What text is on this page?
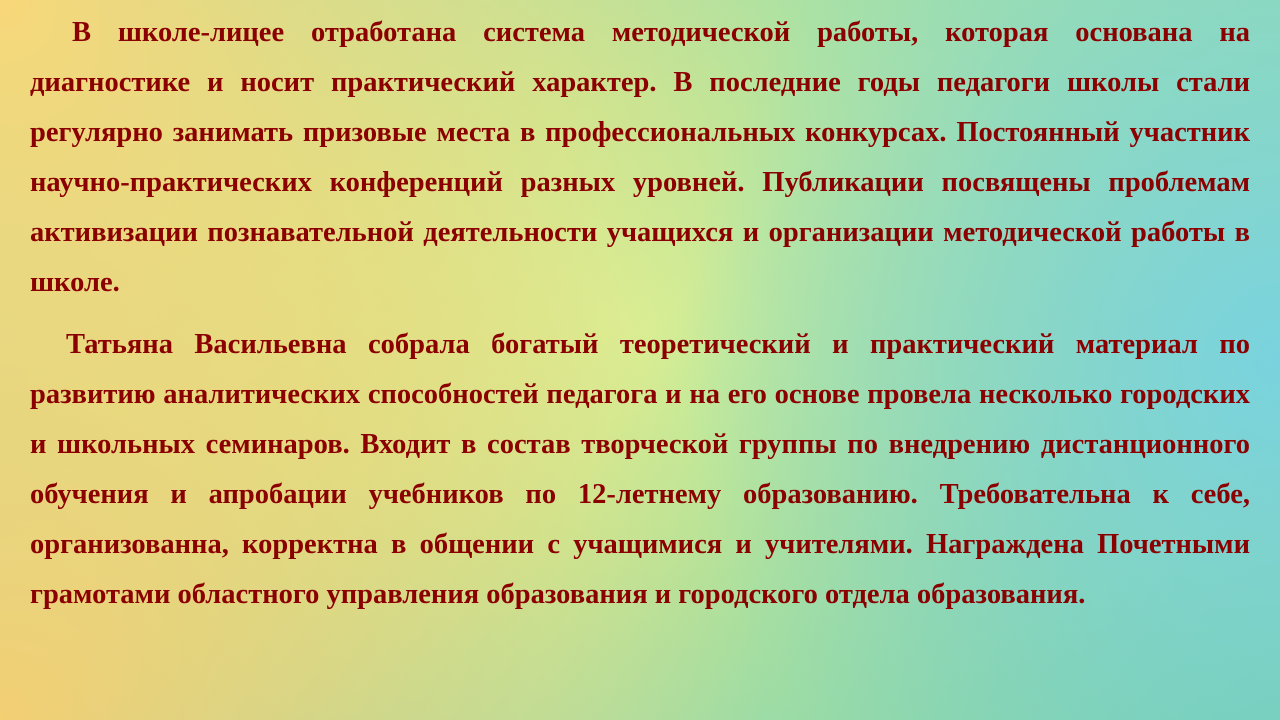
В школе-лицее отработана система методической работы, которая основана на диагностике и носит практический характер. В последние годы педагоги школы стали регулярно занимать призовые места в профессиональных конкурсах. Постоянный участник научно-практических конференций разных уровней. Публикации посвящены проблемам активизации познавательной деятельности учащихся и организации методической работы в школе.

Татьяна Васильевна собрала богатый теоретический и практический материал по развитию аналитических способностей педагога и на его основе провела несколько городских и школьных семинаров. Входит в состав творческой группы по внедрению дистанционного обучения и апробации учебников по 12-летнему образованию. Требовательна к себе, организованна, корректна в общении с учащимися и учителями. Награждена Почетными грамотами областного управления образования и городского отдела образования.
